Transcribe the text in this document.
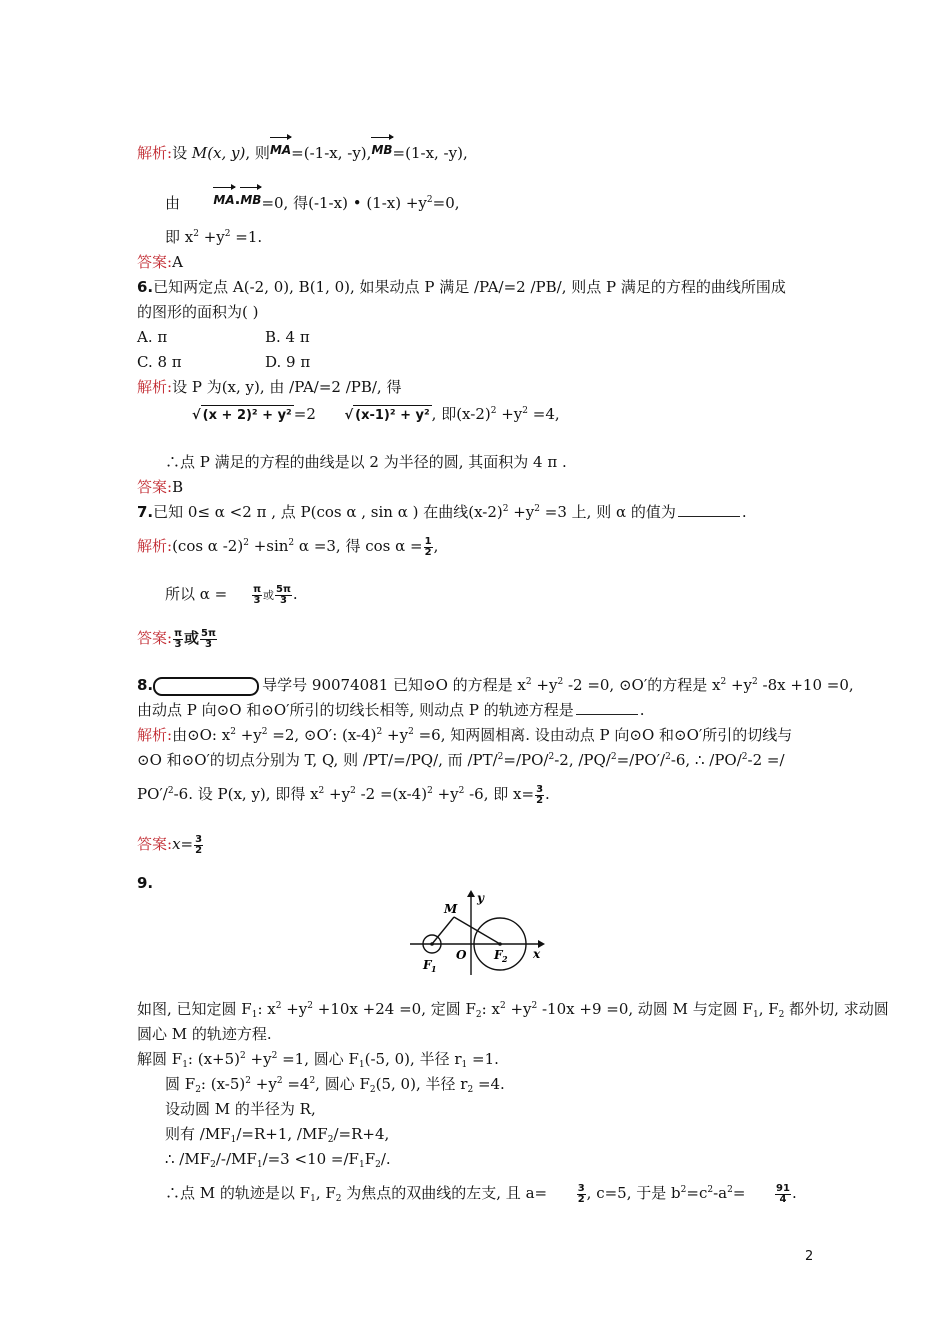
解析:设 M(x, y), 则MA=(-1-x, -y),MB=(1-x, -y),
由	MA·MB=0, 得(-1-x) • $(1-x) +y^2=0$,
即 $x^2 +y^2 =1$.
答案:A
6.已知两定点 A(-2, 0), B(1, 0), 如果动点 P 满足 /PA/=2 /PB/, 则点 P 满足的方程的曲线所围成
的图形的面积为( )
A. π	B. 4 π
C. 8 π	D. 9 π
解析:设 P 为(x, y), 由 /PA/=2 /PB/, 得
√ (x + 2)² + y² =2 √ (x-1)² + y² , 即$(x-2)^2 +y^2 =4$,
∴点 P 满足的方程的曲线是以 2 为半径的圆, 其面积为 4 π .
答案:B
7.已知 0≤ α <2 π , 点 P(cos α , sin α ) 在曲线$(x-2)^2 +y^2 =3$ 上, 则 α 的值为	.
解析:(cos α $-2)^2 +\sin^2$ α =3, 得 $\cos \alpha = \frac{1}{2}$ ,
所以 $\alpha = \frac{\pi}{3}$ 或 $\frac{5\pi}{3}$ .
答案: $\frac{\pi}{3}$ 或 $\frac{5\pi}{3}$
8.	导学号 90074081 已知⊙O 的方程是 $x^2 +y^2$ -2 =0, ⊙O′的方程是 $x^2 +y^2$ -8x +10 =0,
由动点 P 向⊙O 和⊙O′所引的切线长相等, 则动点 P 的轨迹方程是	.
解析:由⊙O: $x^2 +y^2 =2$, ⊙O′: $(x-4)^2 +y^2 =6$, 知两圆相离. 设由动点 P 向⊙O 和⊙O′所引的切线与
⊙O 和⊙O′的切点分别为 T, Q, 则 /PT/=/PQ/, 而 /PT/$^2$=/PO/$^2$-2, /PQ/$^2$=/PO′/$^2$-6, ∴ /PO/$^2$-2 =/
PO′/$^2$-6. 设 P(x, y), 即得 $x^2 +y^2$ $-2 =(x-4)^2 +y^2$ -6, 即 $x= \frac{3}{2}$ .
答案:x= $\frac{3}{2}$
9.
M
y
x
O
F 1
F 2
如图, 已知定圆 $F_1$: $x^2 +y^2 +10x +24 =0$, 定圆 $F_2$: $x^2 +y^2$ -10x +9 =0, 动圆 M 与定圆 $F_1$, $F_2$ 都外切, 求动圆
圆心 M 的轨迹方程.
解圆 $F_1$: $(x+5)^2 +y^2 =1$, 圆心 $F_1(-5$, 0), 半径 $r_1 =1$.
圆 $F_2$: $(x-5)^2 +y^2 =4^2$, 圆心 $F_2(5$, 0), 半径 $r_2 =4$.
设动圆 M 的半径为 R,
则有 $/MF_1/=R+1$, $/MF_2/=R+4$,
∴ $/MF_2/-/MF_1/=3 <10 =/F_1F_2/$.
∴点 M 的轨迹是以 $F_1$, $F_2$ 为焦点的双曲线的左支, 且 a=	$\frac{3}{2}$ , c=5, 于是 $b^2=c^2-a^2=$	$\frac{91}{4}$ .
2
